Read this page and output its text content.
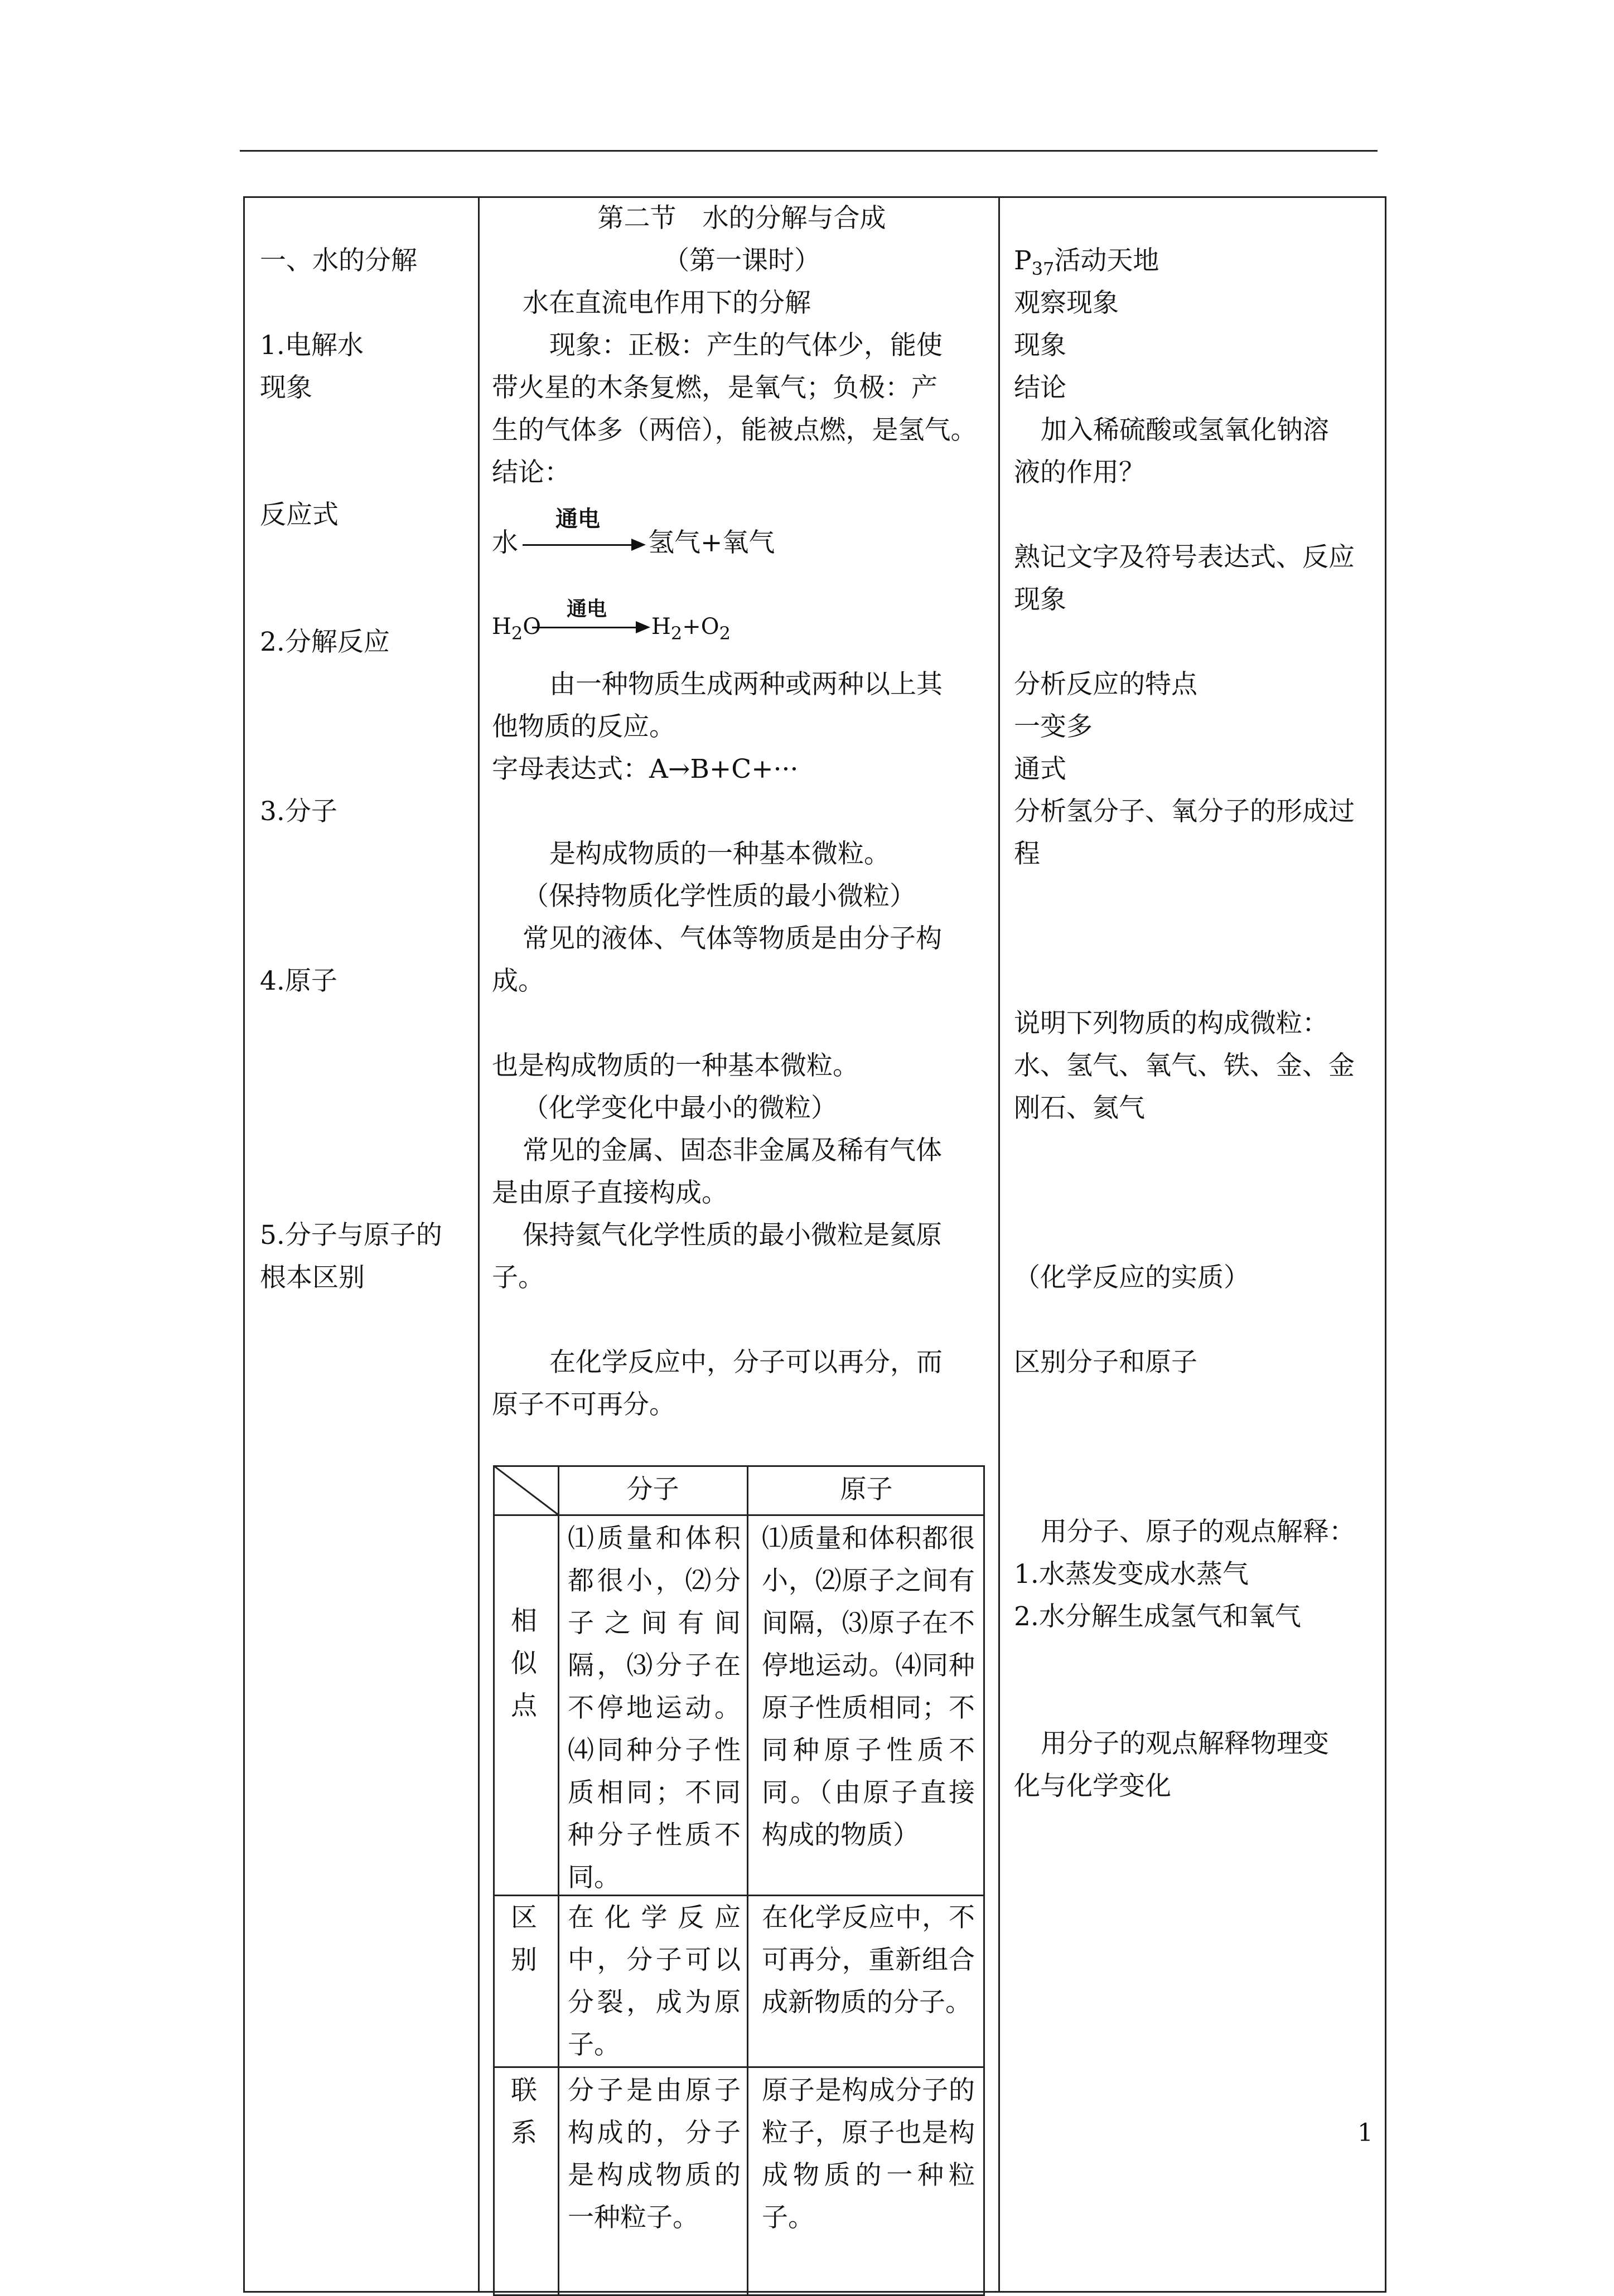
一、水的分解
1.电解水
现象
反应式
2.分解反应
3.分子
4.原子
5.分子与原子的
根本区别
第二节　水的分解与合成
（第一课时）
水在直流电作用下的分解
现象：正极：产生的气体少，能使
带火星的木条复燃，是氧气；负极：产
生的气体多（两倍），能被点燃，是氢气。
结论：
水
通电
氢气+氧气
$H_2O$
通电
$H_2+O_2$
由一种物质生成两种或两种以上其
他物质的反应。
字母表达式：A→B+C+···
是构成物质的一种基本微粒。
（保持物质化学性质的最小微粒）
常见的液体、气体等物质是由分子构
成。
也是构成物质的一种基本微粒。
（化学变化中最小的微粒）
常见的金属、固态非金属及稀有气体
是由原子直接构成。
保持氦气化学性质的最小微粒是氦原
子。
在化学反应中，分子可以再分，而
原子不可再分。
分子	原子
相似点
区别
联系
⑴质量和体积都很小，⑵分子之间有间隔，⑶分子在不停地运动。⑷同种分子性质相同；不同种分子性质不同。
⑴质量和体积都很小，⑵原子之间有间隔，⑶原子在不停地运动。⑷同种原子性质相同；不同种原子性质不同。（由原子直接构成的物质）
在化学反应中，分子可以分裂，成为原子。
在化学反应中，不可再分，重新组合成新物质的分子。
分子是由原子构成的，分子是构成物质的一种粒子。
原子是构成分子的粒子，原子也是构成物质的一种粒子。
$P_{37}$活动天地
观察现象
现象
结论
加入稀硫酸或氢氧化钠溶
液的作用？
熟记文字及符号表达式、反应
现象
分析反应的特点
一变多
通式
分析氢分子、氧分子的形成过
程
说明下列物质的构成微粒：
水、氢气、氧气、铁、金、金
刚石、氦气
（化学反应的实质）
区别分子和原子
用分子、原子的观点解释：
1.水蒸发变成水蒸气
2.水分解生成氢气和氧气
用分子的观点解释物理变
化与化学变化
1
